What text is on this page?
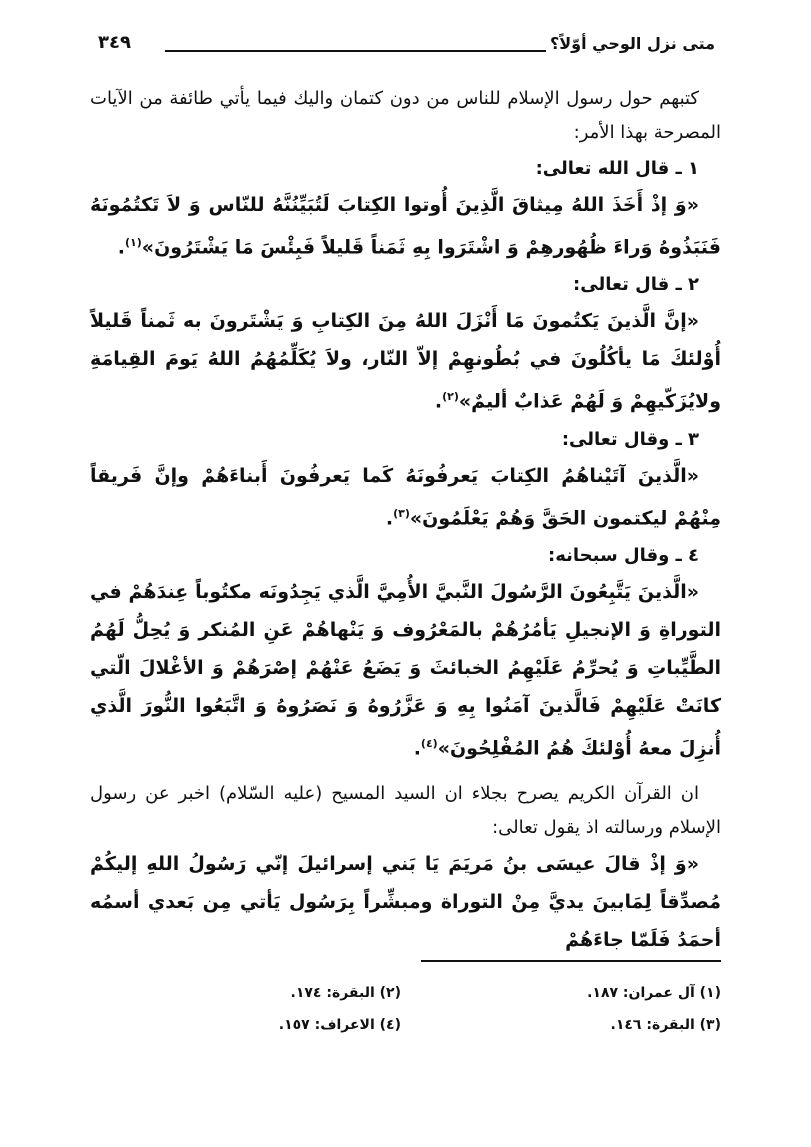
متى نزل الوحي أوّلاً؟
٣٤٩

كتبهم حول رسول الإسلام للناس من دون كتمان واليك فيما يأتي طائفة من الآيات المصرحة بهذا الأمر:

١ ـ قال الله تعالى:

«وَ إذْ أَخَذَ اللهُ مِيثاقَ الَّذِينَ أُوتوا الكِتابَ لَتُبَيِّنُنَّهُ للنّاس وَ لاَ تَكتُمُونَهُ فَنَبَذُوهُ وَراءَ ظُهُورهِمْ وَ اشْتَرَوا بِهِ ثَمَناً قَليلاً فَبِئْسَ مَا يَشْتَرُونَ»$^{(١)}$.

٢ ـ قال تعالى:

«إنَّ الَّذينَ يَكتُمونَ مَا أَنْزَلَ اللهُ مِنَ الكِتابِ وَ يَشْتَرونَ به ثَمناً قَليلاً أُوْلئكَ مَا يأكُلُونَ في بُطُونهِمْ إلاّ النّار، ولاَ يُكَلِّمُهُمُ اللهُ يَومَ القِيامَةِ ولايُزَكّيهِمْ وَ لَهُمْ عَذابٌ أليمٌ»$^{(٢)}$.

٣ ـ وقال تعالى:

«الَّذينَ آتَيْناهُمُ الكِتابَ يَعرفُونَهُ كَما يَعرفُونَ أَبناءَهُمْ وإنَّ فَريقاً مِنْهُمْ ليكتمون الحَقَّ وَهُمْ يَعْلَمُونَ»$^{(٣)}$.

٤ ـ وقال سبحانه:

«الَّذينَ يَتَّبِعُونَ الرَّسُولَ النَّبيَّ الأُمِيَّ الَّذي يَجِدُونَه مكتُوباً عِندَهُمْ في التوراةِ وَ الإنجيلِ يَأمُرُهُمْ بالمَعْرُوف وَ يَنْهاهُمْ عَنِ المُنكر وَ يُحِلُّ لَهُمُ الطَّيِّباتِ وَ يُحرِّمُ عَلَيْهِمُ الخبائثَ وَ يَضَعُ عَنْهُمْ إصْرَهُمْ وَ الأغْلالَ الّتي كانَتْ عَلَيْهِمْ فَالَّذينَ آمَنُوا بِهِ وَ عَزَّرُوهُ وَ نَصَرُوهُ وَ اتَّبَعُوا النُّورَ الَّذي أُنزِلَ معهُ أُوْلئكَ هُمُ المُفْلِحُونَ»$^{(٤)}$.

ان القرآن الكريم يصرح بجلاء ان السيد المسيح (عليه السّلام) اخبر عن رسول الإسلام ورسالته اذ يقول تعالى:

«وَ إذْ قالَ عيسَى بنُ مَريَمَ يَا بَني إسرائيلَ إنّي رَسُولُ اللهِ إليكُمْ مُصدِّقاً لِمَابينَ يديَّ مِنْ التوراة ومبشِّراً بِرَسُول يَأتي مِن بَعدي أسمُه أحمَدُ فَلَمّا جاءَهُمْ

(١) آل عمران: ١٨٧.
(٢) البقرة: ١٧٤.
(٣) البقرة: ١٤٦.
(٤) الاعراف: ١٥٧.
